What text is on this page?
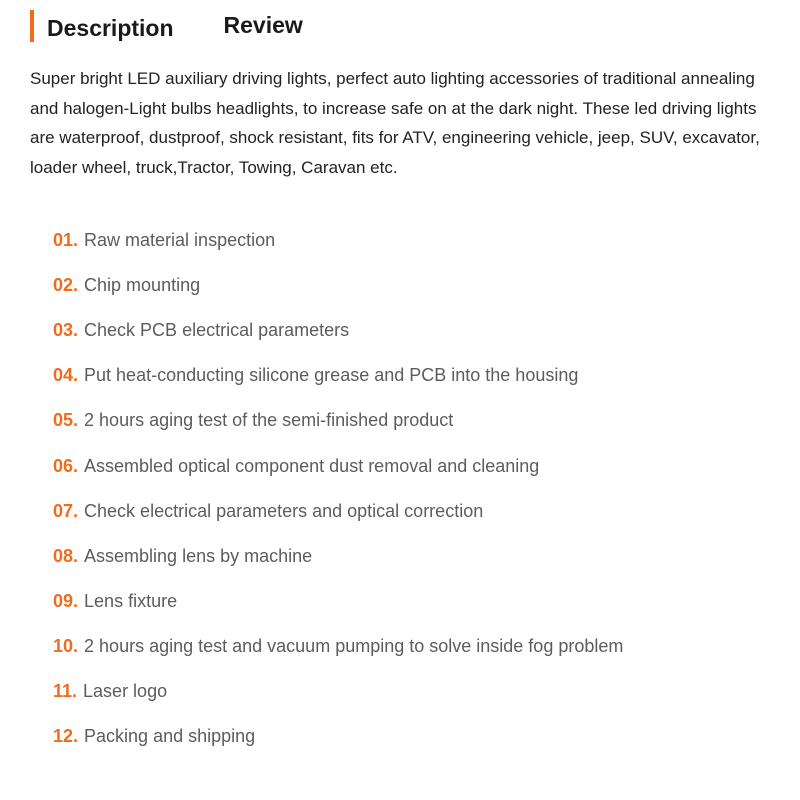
Description Review

Super bright LED auxiliary driving lights, perfect auto lighting accessories of traditional annealing and halogen-Light bulbs headlights, to increase safe on at the dark night. These led driving lights are waterproof, dustproof, shock resistant, fits for ATV, engineering vehicle, jeep, SUV, excavator, loader wheel, truck,Tractor, Towing, Caravan etc.

01. Raw material inspection
02. Chip mounting
03. Check PCB electrical parameters
04. Put heat-conducting silicone grease and PCB into the housing
05. 2 hours aging test of the semi-finished product
06. Assembled optical component dust removal and cleaning
07. Check electrical parameters and optical correction
08. Assembling lens by machine
09. Lens fixture
10. 2 hours aging test and vacuum pumping to solve inside fog problem
11. Laser logo
12. Packing and shipping
